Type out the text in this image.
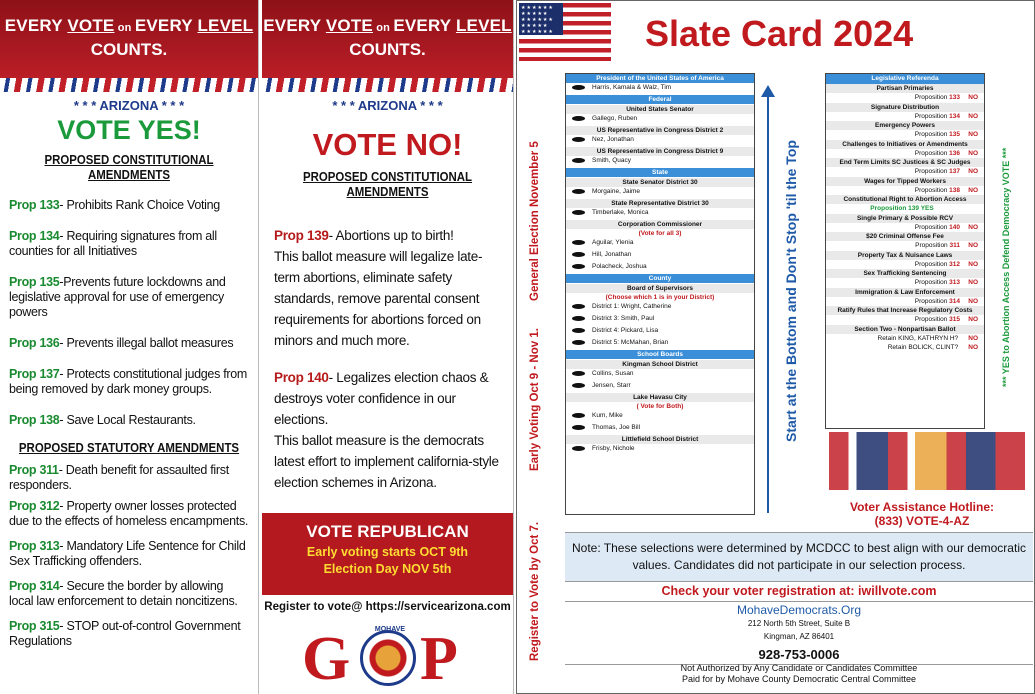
EVERY VOTE on EVERY LEVEL
COUNTS.
* * * ARIZONA * * *
VOTE YES!
PROPOSED CONSTITUTIONAL AMENDMENTS
Prop 133- Prohibits Rank Choice Voting
Prop 134- Requiring signatures from all counties for all Initiatives
Prop 135-Prevents future lockdowns and legislative approval for use of emergency powers
Prop 136- Prevents illegal ballot measures
Prop 137- Protects constitutional judges from being removed by dark money groups.
Prop 138- Save Local Restaurants.
PROPOSED STATUTORY AMENDMENTS
Prop 311- Death benefit for assaulted first responders.
Prop 312- Property owner losses protected due to the effects of homeless encampments.
Prop 313- Mandatory Life Sentence for Child Sex Trafficking offenders.
Prop 314- Secure the border by allowing local law enforcement to detain noncitizens.
Prop 315- STOP out-of-control Government Regulations
EVERY VOTE on EVERY LEVEL
COUNTS.
* * * ARIZONA * * *
VOTE NO!
PROPOSED CONSTITUTIONAL AMENDMENTS
Prop 139- Abortions up to birth!
This ballot measure will legalize late-term abortions, eliminate safety standards, remove parental consent requirements for abortions forced on minors and much more.
Prop 140- Legalizes election chaos & destroys voter confidence in our elections.
This ballot measure is the democrats latest effort to implement california-style election schemes in Arizona.
VOTE REPUBLICAN
Early voting starts OCT 9th
Election Day NOV 5th
Register to vote@ https://servicearizona.com
G	MOHAVE P
★★★★★★ ★★★★★ ★★★★★★ ★★★★★ ★★★★★★	Slate Card 2024
Register to Vote by Oct 7.
Early Voting Oct 9 - Nov 1.
General Election November 5
President of the United States of America
Harris, Kamala & Walz, Tim
Federal
United States Senator
Gallego, Ruben
US Representative in Congress District 2
Nez, Jonathan
US Representative in Congress District 9
Smith, Quacy
State
State Senator District 30
Morgaine, Jaime
State Representative District 30
Timberlake, Monica
Corporation Commissioner
(Vote for all 3)
Aguilar, Ylenia
Hill, Jonathan
Polacheck, Joshua
County
Board of Supervisors
(Choose which 1 is in your District)
District 1: Wright, Catherine
District 3: Smith, Paul
District 4: Pickard, Lisa
District 5: McMahan, Brian
School Boards
Kingman School District
Collins, Susan
Jensen, Starr
Lake Havasu City
( Vote for Both)
Kum, Mike
Thomas, Joe Bill
Littlefield School District
Frisby, Nichole
Start at the Bottom and Don't Stop 'til the Top
Legislative Referenda
Partisan Primaries
Proposition 133 NO
Signature Distribution
Proposition 134 NO
Emergency Powers
Proposition 135 NO
Challenges to Initiatives or Amendments
Proposition 136 NO
End Term Limits SC Justices & SC Judges
Proposition 137 NO
Wages for Tipped Workers
Proposition 138 NO
Constitutional Right to Abortion Access
Proposition 139 YES
Single Primary & Possible RCV
Proposition 140 NO
$20 Criminal Offense Fee
Proposition 311 NO
Property Tax & Nuisance Laws
Proposition 312 NO
Sex Trafficking Sentencing
Proposition 313 NO
Immigration & Law Enforcement
Proposition 314 NO
Ratify Rules that Increase Regulatory Costs
Proposition 315 NO
Section Two - Nonpartisan Ballot
Retain KING, KATHRYN H? NO
Retain BOLICK, CLINT? NO	*** YES to Abortion Access Defend Democracy VOTE ***
Voter Assistance Hotline:
(833) VOTE-4-AZ
Note: These selections were determined by MCDCC to best align with our democratic values. Candidates did not participate in our selection process.
Check your voter registration at: iwillvote.com
MohaveDemocrats.Org
212 North 5th Street, Suite B
Kingman, AZ 86401
928-753-0006
Not Authorized by Any Candidate or Candidates Committee
Paid for by Mohave County Democratic Central Committee
